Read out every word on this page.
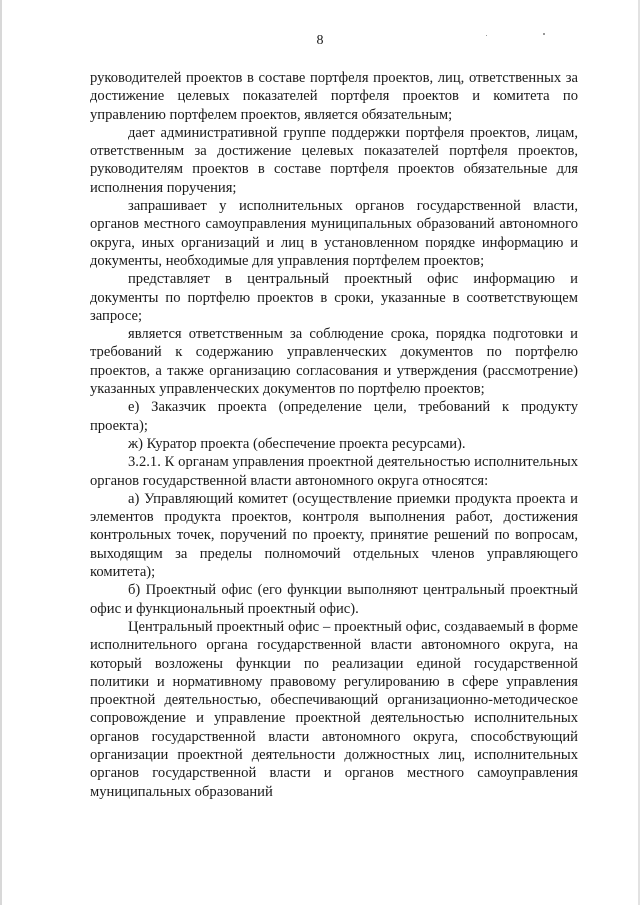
8

руководителей проектов в составе портфеля проектов, лиц, ответственных за достижение целевых показателей портфеля проектов и комитета по управлению портфелем проектов, является обязательным;

дает административной группе поддержки портфеля проектов, лицам, ответственным за достижение целевых показателей портфеля проектов, руководителям проектов в составе портфеля проектов обязательные для исполнения поручения;

запрашивает у исполнительных органов государственной власти, органов местного самоуправления муниципальных образований автономного округа, иных организаций и лиц в установленном порядке информацию и документы, необходимые для управления портфелем проектов;

представляет в центральный проектный офис информацию и документы по портфелю проектов в сроки, указанные в соответствующем запросе;

является ответственным за соблюдение срока, порядка подготовки и требований к содержанию управленческих документов по портфелю проектов, а также организацию согласования и утверждения (рассмотрение) указанных управленческих документов по портфелю проектов;

е) Заказчик проекта (определение цели, требований к продукту проекта);

ж) Куратор проекта (обеспечение проекта ресурсами).

3.2.1. К органам управления проектной деятельностью исполнительных органов государственной власти автономного округа относятся:

а) Управляющий комитет (осуществление приемки продукта проекта и элементов продукта проектов, контроля выполнения работ, достижения контрольных точек, поручений по проекту, принятие решений по вопросам, выходящим за пределы полномочий отдельных членов управляющего комитета);

б) Проектный офис (его функции выполняют центральный проектный офис и функциональный проектный офис).

Центральный проектный офис – проектный офис, создаваемый в форме исполнительного органа государственной власти автономного округа, на который возложены функции по реализации единой государственной политики и нормативному правовому регулированию в сфере управления проектной деятельностью, обеспечивающий организационно-методическое сопровождение и управление проектной деятельностью исполнительных органов государственной власти автономного округа, способствующий организации проектной деятельности должностных лиц, исполнительных органов государственной власти и органов местного самоуправления муниципальных образований
